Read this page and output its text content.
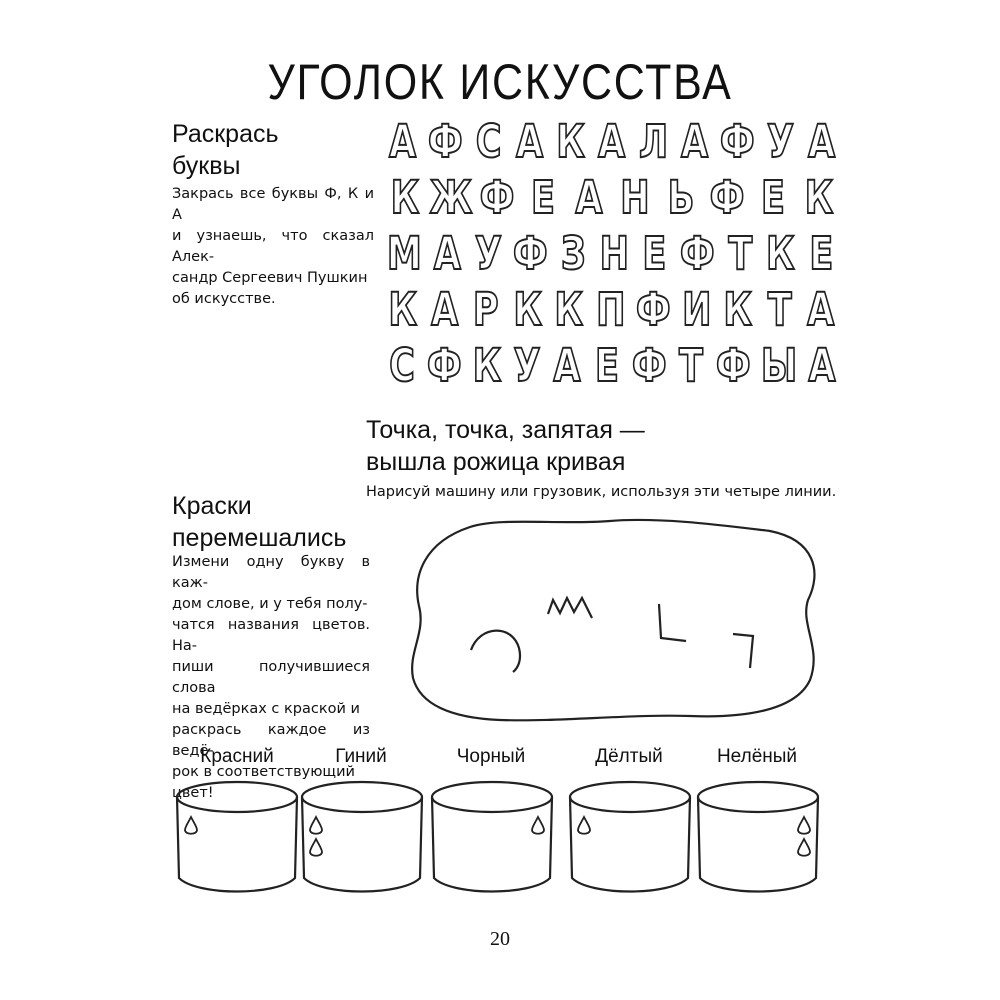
УГОЛОК ИСКУССТВА
Раскрась
буквы
Закрась все буквы Ф, К и А
и узнаешь, что сказал Алек-
сандр Сергеевич Пушкин
об искусстве.
А Ф С А К А Л А Ф У А
К Ж Ф Е А Н Ь Ф Е К
М А У Ф З Н Е Ф Т К Е
К А Р К К П Ф И К Т А
С Ф К У А Е Ф Т Ф Ы А
Точка, точка, запятая —
вышла рожица кривая
Нарисуй машину или грузовик, используя эти четыре линии.
Краски
перемешались
Измени одну букву в каж-
дом слове, и у тебя полу-
чатся названия цветов. На-
пиши получившиеся слова
на ведёрках с краской и
раскрась каждое из ведё-
рок в соответствующий
цвет!
Красний	Гиний	Чорный	Дёлтый	Нелёный
20
